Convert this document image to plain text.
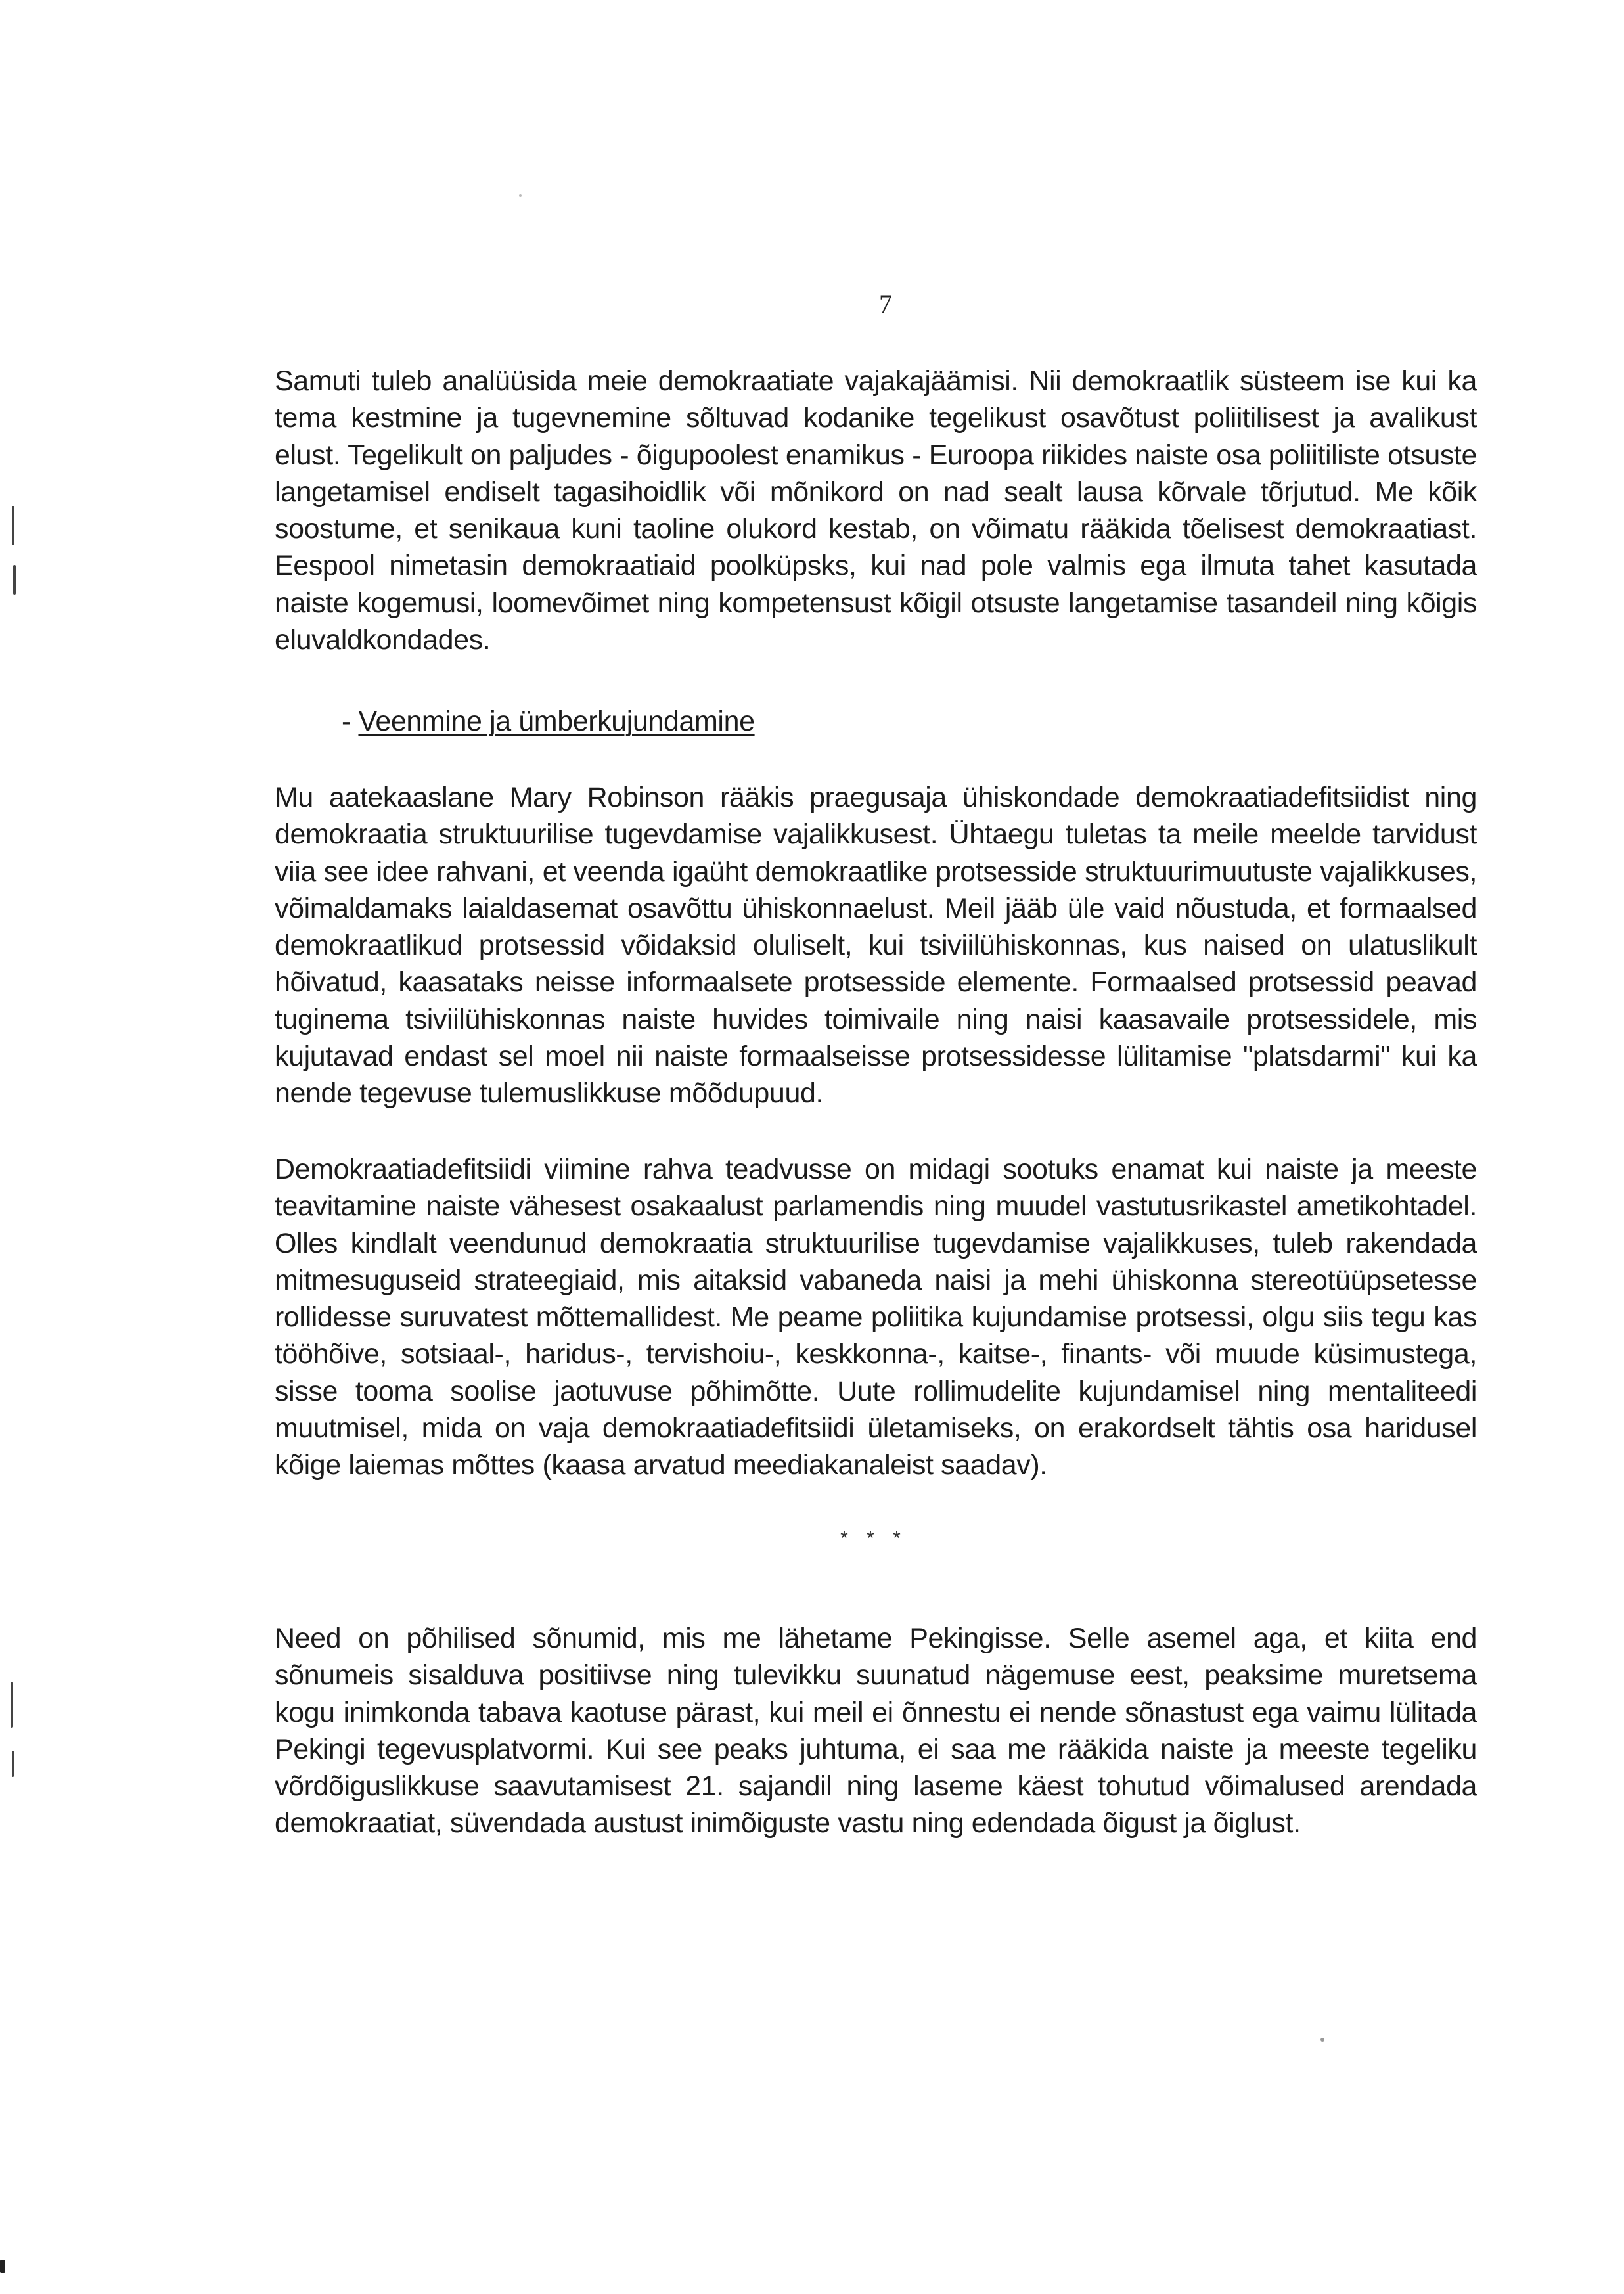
7

Samuti tuleb analüüsida meie demokraatiate vajakajäämisi. Nii demokraatlik süsteem ise kui ka tema kestmine ja tugevnemine sõltuvad kodanike tegelikust osavõtust poliitilisest ja avalikust elust. Tegelikult on paljudes - õigupoolest enamikus - Euroopa riikides naiste osa poliitiliste otsuste langetamisel endiselt tagasihoidlik või mõnikord on nad sealt lausa kõrvale tõrjutud. Me kõik soostume, et senikaua kuni taoline olukord kestab, on võimatu rääkida tõelisest demokraatiast. Eespool nimetasin demokraatiaid poolküpsks, kui nad pole valmis ega ilmuta tahet kasutada naiste kogemusi, loomevõimet ning kompetensust kõigil otsuste langetamise tasandeil ning kõigis eluvaldkondades.

- Veenmine ja ümberkujundamine

Mu aatekaaslane Mary Robinson rääkis praegusaja ühiskondade demokraatiadefitsiidist ning demokraatia struktuurilise tugevdamise vajalikkusest. Ühtaegu tuletas ta meile meelde tarvidust viia see idee rahvani, et veenda igaüht demokraatlike protsesside struktuurimuutuste vajalikkuses, võimaldamaks laialdasemat osavõttu ühiskonnaelust. Meil jääb üle vaid nõustuda, et formaalsed demokraatlikud protsessid võidaksid oluliselt, kui tsiviilühiskonnas, kus naised on ulatuslikult hõivatud, kaasataks neisse informaalsete protsesside elemente. Formaalsed protsessid peavad tuginema tsiviilühiskonnas naiste huvides toimivaile ning naisi kaasavaile protsessidele, mis kujutavad endast sel moel nii naiste formaalseisse protsessidesse lülitamise "platsdarmi" kui ka nende tegevuse tulemuslikkuse mõõdupuud.

Demokraatiadefitsiidi viimine rahva teadvusse on midagi sootuks enamat kui naiste ja meeste teavitamine naiste vähesest osakaalust parlamendis ning muudel vastutusrikastel ametikohtadel. Olles kindlalt veendunud demokraatia struktuurilise tugevdamise vajalikkuses, tuleb rakendada mitmesuguseid strateegiaid, mis aitaksid vabaneda naisi ja mehi ühiskonna stereotüüpsetesse rollidesse suruvatest mõttemallidest. Me peame poliitika kujundamise protsessi, olgu siis tegu kas tööhõive, sotsiaal-, haridus-, tervishoiu-, keskkonna-, kaitse-, finants- või muude küsimustega, sisse tooma soolise jaotuvuse põhimõtte. Uute rollimudelite kujundamisel ning mentaliteedi muutmisel, mida on vaja demokraatiadefitsiidi ületamiseks, on erakordselt tähtis osa haridusel kõige laiemas mõttes (kaasa arvatud meediakanaleist saadav).

* * *

Need on põhilised sõnumid, mis me lähetame Pekingisse. Selle asemel aga, et kiita end sõnumeis sisalduva positiivse ning tulevikku suunatud nägemuse eest, peaksime muretsema kogu inimkonda tabava kaotuse pärast, kui meil ei õnnestu ei nende sõnastust ega vaimu lülitada Pekingi tegevusplatvormi. Kui see peaks juhtuma, ei saa me rääkida naiste ja meeste tegeliku võrdõiguslikkuse saavutamisest 21. sajandil ning laseme käest tohutud võimalused arendada demokraatiat, süvendada austust inimõiguste vastu ning edendada õigust ja õiglust.
